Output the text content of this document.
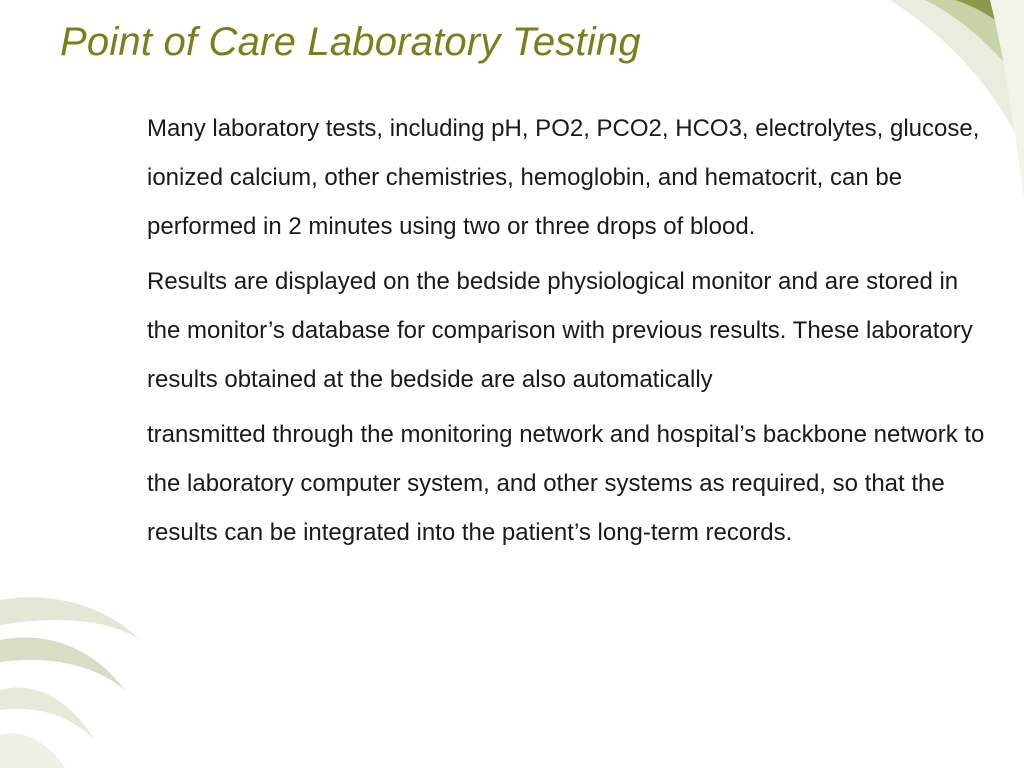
Point of Care Laboratory Testing

Many laboratory tests, including pH, PO2, PCO2, HCO3, electrolytes, glucose, ionized calcium, other chemistries, hemoglobin, and hematocrit, can be performed in 2 minutes using two or three drops of blood.

Results are displayed on the bedside physiological monitor and are stored in the monitor’s database for comparison with previous results. These laboratory results obtained at the bedside are also automatically

transmitted through the monitoring network and hospital’s backbone network to the laboratory computer system, and other systems as required, so that the results can be integrated into the patient’s long-term records.
